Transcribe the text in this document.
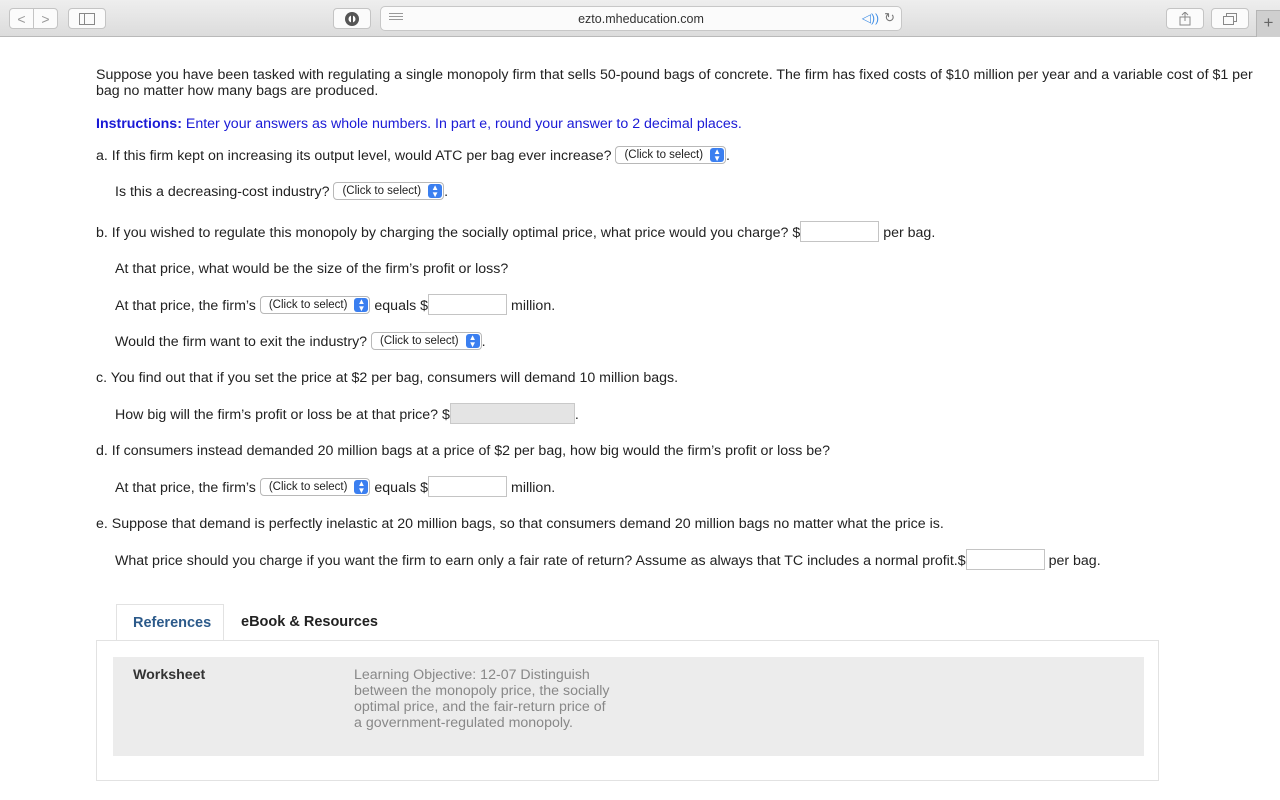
<	>	ezto.mheducation.com	◁)) ↻	+
Suppose you have been tasked with regulating a single monopoly firm that sells 50-pound bags of concrete. The firm has fixed costs of $10 million per year and a variable cost of $1 per bag no matter how many bags are produced.
Instructions: Enter your answers as whole numbers. In part e, round your answer to 2 decimal places.
a. If this firm kept on increasing its output level, would ATC per bag ever increase? (Click to select)	▲
▼ .
Is this a decreasing-cost industry? (Click to select)	▲
▼ .
b. If you wished to regulate this monopoly by charging the socially optimal price, what price would you charge? $	per bag.
At that price, what would be the size of the firm’s profit or loss?
At that price, the firm’s (Click to select)	▲
▼ equals $	million.
Would the firm want to exit the industry? (Click to select)	▲
▼ .
c. You find out that if you set the price at $2 per bag, consumers will demand 10 million bags.
How big will the firm’s profit or loss be at that price? $	.
d. If consumers instead demanded 20 million bags at a price of $2 per bag, how big would the firm’s profit or loss be?
At that price, the firm’s (Click to select)	▲
▼ equals $	million.
e. Suppose that demand is perfectly inelastic at 20 million bags, so that consumers demand 20 million bags no matter what the price is.
What price should you charge if you want the firm to earn only a fair rate of return? Assume as always that TC includes a normal profit.$	per bag.
References	eBook & Resources
Worksheet	Learning Objective: 12-07 Distinguish between the monopoly price, the socially optimal price, and the fair-return price of a government-regulated monopoly.
